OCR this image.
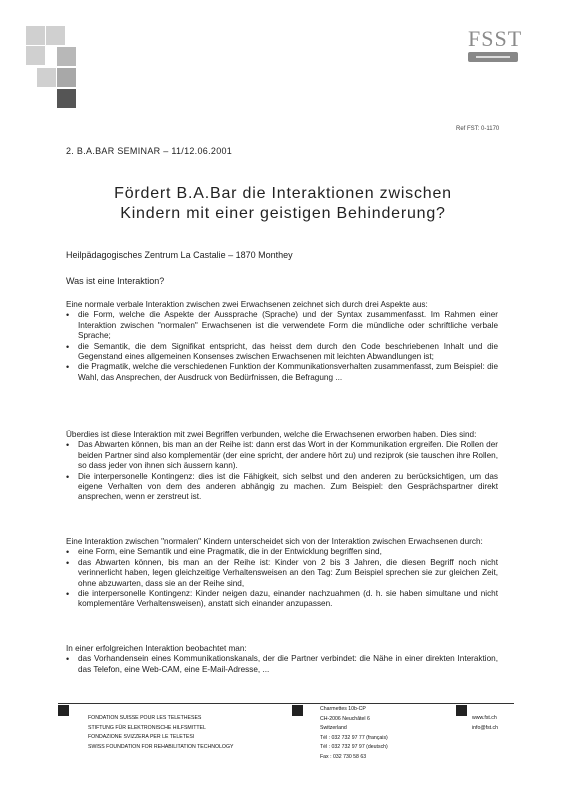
FSST
Ref FST: 0-1170
2. B.A.BAR SEMINAR – 11/12.06.2001
Fördert B.A.Bar die Interaktionen zwischen
Kindern mit einer geistigen Behinderung?
Heilpädagogisches Zentrum La Castalie – 1870 Monthey
Was ist eine Interaktion?

Eine normale verbale Interaktion zwischen zwei Erwachsenen zeichnet sich durch drei Aspekte aus:

• die Form, welche die Aspekte der Aussprache (Sprache) und der Syntax zusammenfasst. Im Rahmen einer Interaktion zwischen "normalen" Erwachsenen ist die verwendete Form die mündliche oder schriftliche verbale Sprache;
• die Semantik, die dem Signifikat entspricht, das heisst dem durch den Code beschriebenen Inhalt und die Gegenstand eines allgemeinen Konsenses zwischen Erwachsenen mit leichten Abwandlungen ist;
• die Pragmatik, welche die verschiedenen Funktion der Kommunikationsverhalten zusammenfasst, zum Beispiel: die Wahl, das Ansprechen, der Ausdruck von Bedürfnissen, die Befragung ...

Überdies ist diese Interaktion mit zwei Begriffen verbunden, welche die Erwachsenen erworben haben. Dies sind:

• Das Abwarten können, bis man an der Reihe ist: dann erst das Wort in der Kommunikation ergreifen. Die Rollen der beiden Partner sind also komplementär (der eine spricht, der andere hört zu) und reziprok (sie tauschen ihre Rollen, so dass jeder von ihnen sich äussern kann).
• Die interpersonelle Kontingenz: dies ist die Fähigkeit, sich selbst und den anderen zu berücksichtigen, um das eigene Verhalten von dem des anderen abhängig zu machen. Zum Beispiel: den Gesprächspartner direkt ansprechen, wenn er zerstreut ist.

Eine Interaktion zwischen "normalen" Kindern unterscheidet sich von der Interaktion zwischen Erwachsenen durch:

• eine Form, eine Semantik und eine Pragmatik, die in der Entwicklung begriffen sind,
• das Abwarten können, bis man an der Reihe ist: Kinder von 2 bis 3 Jahren, die diesen Begriff noch nicht verinnerlicht haben, legen gleichzeitige Verhaltensweisen an den Tag: Zum Beispiel sprechen sie zur gleichen Zeit, ohne abzuwarten, dass sie an der Reihe sind,
• die interpersonelle Kontingenz: Kinder neigen dazu, einander nachzuahmen (d. h. sie haben simultane und nicht komplementäre Verhaltensweisen), anstatt sich einander anzupassen.

In einer erfolgreichen Interaktion beobachtet man:

• das Vorhandensein eines Kommunikationskanals, der die Partner verbindet: die Nähe in einer direkten Interaktion, das Telefon, eine Web-CAM, eine E-Mail-Adresse, ...
FONDATION SUISSE POUR LES TELETHESES
STIFTUNG FÜR ELEKTRONISCHE HILFSMITTEL
FONDAZIONE SVIZZERA PER LE TELETESI
SWISS FOUNDATION FOR REHABILITATION TECHNOLOGY
Charmettes 10b-CP
CH-2006 Neuchâtel 6
Switzerland
Tél : 032 732 97 77 (français)
Tél : 032 732 97 97 (deutsch)
Fax : 032 730 58 63
www.fst.ch
info@fst.ch
